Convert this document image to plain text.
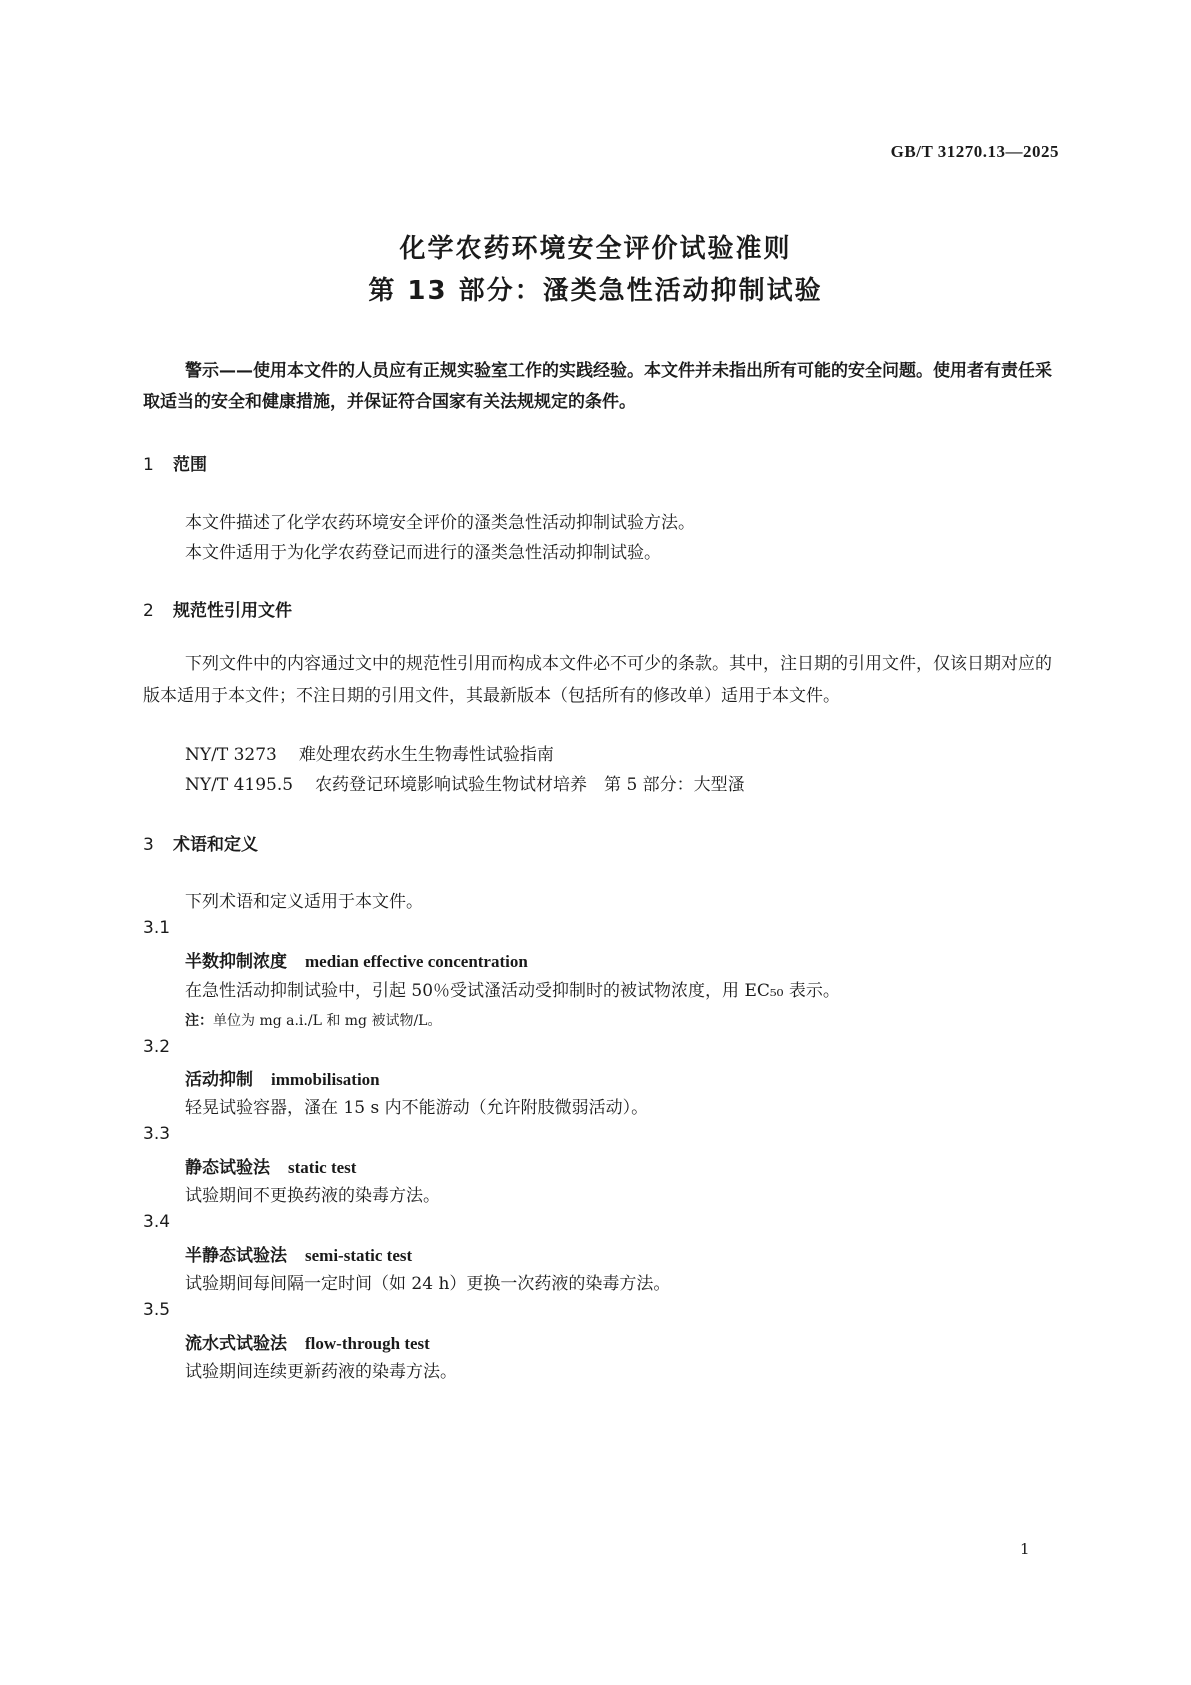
GB/T 31270.13—2025
化学农药环境安全评价试验准则
第 13 部分：溞类急性活动抑制试验
警示——使用本文件的人员应有正规实验室工作的实践经验。本文件并未指出所有可能的安全问题。使用者有责任采取适当的安全和健康措施，并保证符合国家有关法规规定的条件。
1 范围
本文件描述了化学农药环境安全评价的溞类急性活动抑制试验方法。
本文件适用于为化学农药登记而进行的溞类急性活动抑制试验。
2 规范性引用文件
下列文件中的内容通过文中的规范性引用而构成本文件必不可少的条款。其中，注日期的引用文件，仅该日期对应的版本适用于本文件；不注日期的引用文件，其最新版本（包括所有的修改单）适用于本文件。
NY/T 3273 难处理农药水生生物毒性试验指南
NY/T 4195.5 农药登记环境影响试验生物试材培养　第 5 部分：大型溞
3 术语和定义
下列术语和定义适用于本文件。
3.1
半数抑制浓度 median effective concentration
在急性活动抑制试验中，引起 50％受试溞活动受抑制时的被试物浓度，用 EC₅₀ 表示。
注：单位为 mg a.i./L 和 mg 被试物/L。
3.2
活动抑制 immobilisation
轻晃试验容器，溞在 15 s 内不能游动（允许附肢微弱活动）。
3.3
静态试验法 static test
试验期间不更换药液的染毒方法。
3.4
半静态试验法 semi-static test
试验期间每间隔一定时间（如 24 h）更换一次药液的染毒方法。
3.5
流水式试验法 flow-through test
试验期间连续更新药液的染毒方法。
1
